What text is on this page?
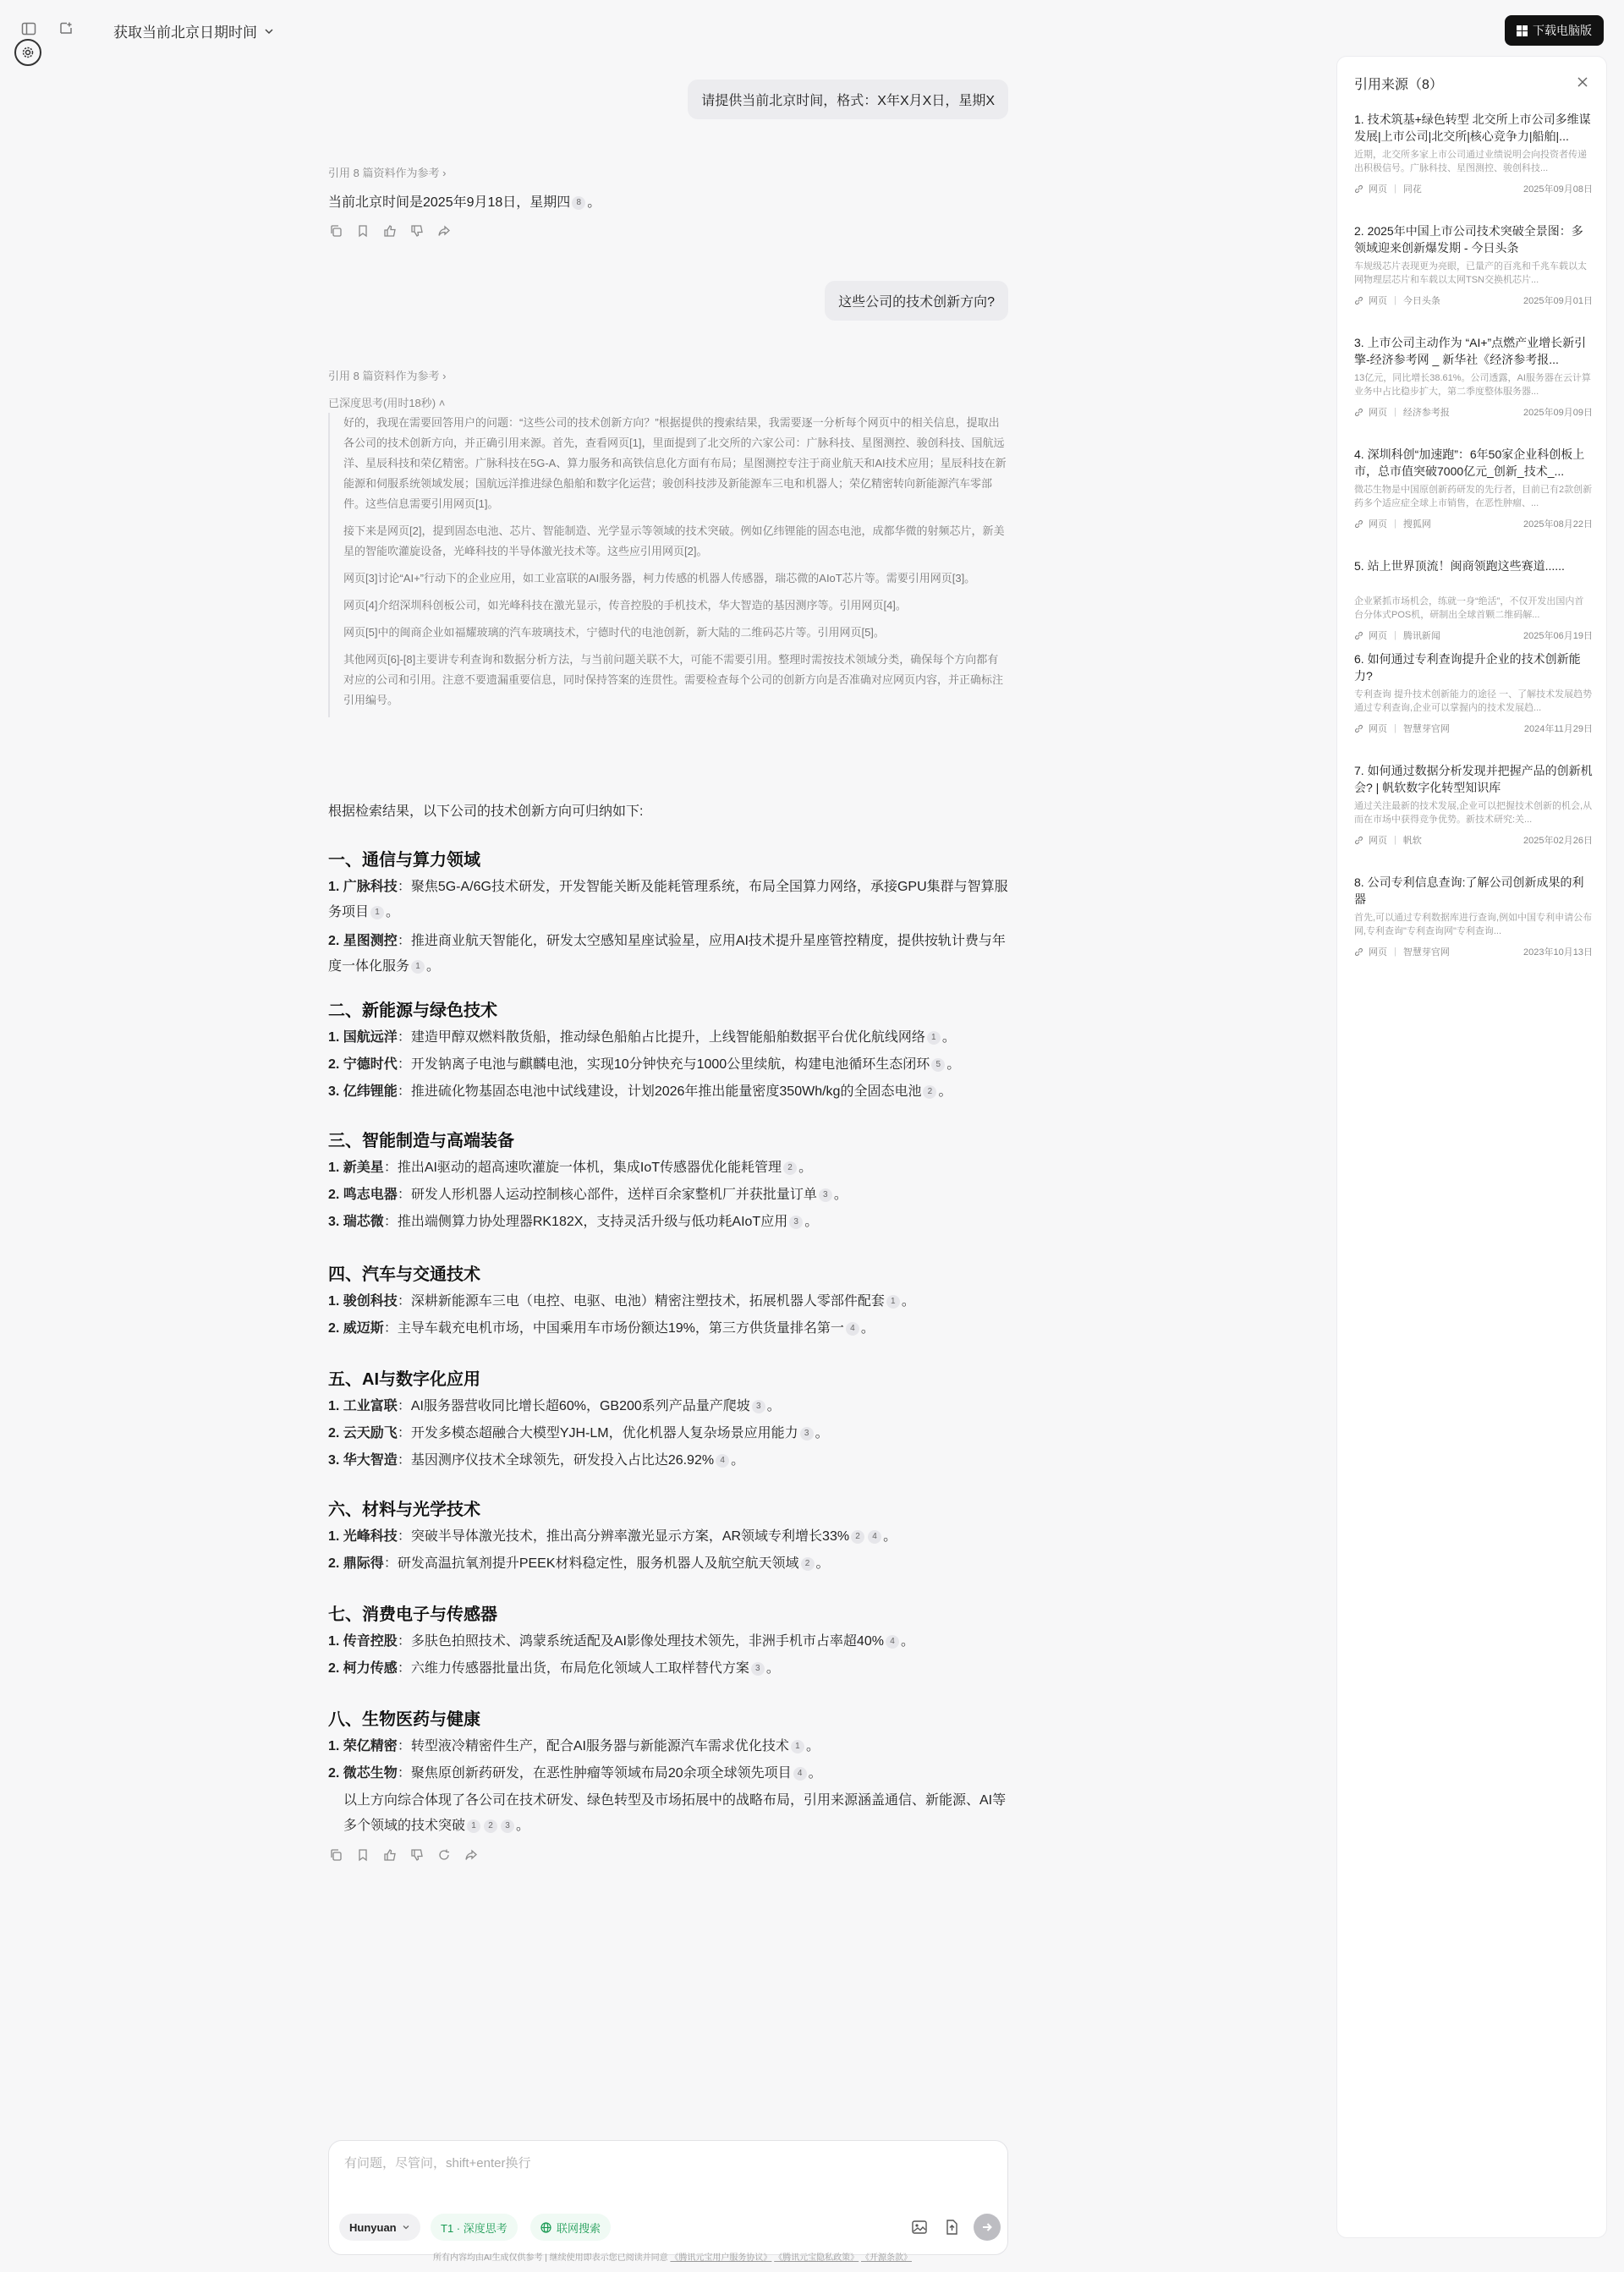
获取当前北京日期时间	下载电脑版
请提供当前北京时间，格式：X年X月X日，星期X
引用 8 篇资料作为参考 ›
当前北京时间是2025年9月18日，星期四 8 。
这些公司的技术创新方向?
引用 8 篇资料作为参考 ›
已深度思考(用时18秒) ˄

好的，我现在需要回答用户的问题：“这些公司的技术创新方向？”根据提供的搜索结果，我需要逐一分析每个网页中的相关信息，提取出各公司的技术创新方向，并正确引用来源。首先，查看网页[1]，里面提到了北交所的六家公司：广脉科技、星图测控、骏创科技、国航远洋、星辰科技和荣亿精密。广脉科技在5G-A、算力服务和高铁信息化方面有布局；星图测控专注于商业航天和AI技术应用；星辰科技在新能源和伺服系统领域发展；国航远洋推进绿色船舶和数字化运营；骏创科技涉及新能源车三电和机器人；荣亿精密转向新能源汽车零部件。这些信息需要引用网页[1]。

接下来是网页[2]，提到固态电池、芯片、智能制造、光学显示等领域的技术突破。例如亿纬锂能的固态电池，成都华微的射频芯片，新美星的智能吹灌旋设备，光峰科技的半导体激光技术等。这些应引用网页[2]。

网页[3]讨论“AI+”行动下的企业应用，如工业富联的AI服务器，柯力传感的机器人传感器，瑞芯微的AIoT芯片等。需要引用网页[3]。

网页[4]介绍深圳科创板公司，如光峰科技在激光显示，传音控股的手机技术，华大智造的基因测序等。引用网页[4]。

网页[5]中的闽商企业如福耀玻璃的汽车玻璃技术，宁德时代的电池创新，新大陆的二维码芯片等。引用网页[5]。

其他网页[6]-[8]主要讲专利查询和数据分析方法，与当前问题关联不大，可能不需要引用。整理时需按技术领域分类，确保每个方向都有对应的公司和引用。注意不要遗漏重要信息，同时保持答案的连贯性。需要检查每个公司的创新方向是否准确对应网页内容，并正确标注引用编号。

根据检索结果，以下公司的技术创新方向可归纳如下:
一、通信与算力领域
1. 广脉科技：聚焦5G-A/6G技术研发，开发智能关断及能耗管理系统，布局全国算力网络，承接GPU集群与智算服务项目 1 。
2. 星图测控：推进商业航天智能化，研发太空感知星座试验星，应用AI技术提升星座管控精度，提供按轨计费与年度一体化服务 1 。
二、新能源与绿色技术
1. 国航远洋：建造甲醇双燃料散货船，推动绿色船舶占比提升，上线智能船舶数据平台优化航线网络 1 。
2. 宁德时代：开发钠离子电池与麒麟电池，实现10分钟快充与1000公里续航，构建电池循环生态闭环 5 。
3. 亿纬锂能：推进硫化物基固态电池中试线建设，计划2026年推出能量密度350Wh/kg的全固态电池 2 。
三、智能制造与高端装备
1. 新美星：推出AI驱动的超高速吹灌旋一体机，集成IoT传感器优化能耗管理 2 。
2. 鸣志电器：研发人形机器人运动控制核心部件，送样百余家整机厂并获批量订单 3 。
3. 瑞芯微：推出端侧算力协处理器RK182X，支持灵活升级与低功耗AIoT应用 3 。
四、汽车与交通技术
1. 骏创科技：深耕新能源车三电（电控、电驱、电池）精密注塑技术，拓展机器人零部件配套 1 。
2. 威迈斯：主导车载充电机市场，中国乘用车市场份额达19%，第三方供货量排名第一 4 。
五、AI与数字化应用
1. 工业富联：AI服务器营收同比增长超60%，GB200系列产品量产爬坡 3 。
2. 云天励飞：开发多模态超融合大模型YJH-LM，优化机器人复杂场景应用能力 3 。
3. 华大智造：基因测序仪技术全球领先，研发投入占比达26.92% 4 。
六、材料与光学技术
1. 光峰科技：突破半导体激光技术，推出高分辨率激光显示方案，AR领域专利增长33% 2 4 。
2. 鼎际得：研发高温抗氧剂提升PEEK材料稳定性，服务机器人及航空航天领域 2 。
七、消费电子与传感器
1. 传音控股：多肤色拍照技术、鸿蒙系统适配及AI影像处理技术领先，非洲手机市占率超40% 4 。
2. 柯力传感：六维力传感器批量出货，布局危化领域人工取样替代方案 3 。
八、生物医药与健康
1. 荣亿精密：转型液冷精密件生产，配合AI服务器与新能源汽车需求优化技术 1 。
2. 微芯生物：聚焦原创新药研发，在恶性肿瘤等领域布局20余项全球领先项目 4 。
以上方向综合体现了各公司在技术研发、绿色转型及市场拓展中的战略布局，引用来源涵盖通信、新能源、AI等多个领域的技术突破 1 2 3 。
有问题，尽管问，shift+enter换行
Hunyuan	T1 · 深度思考	联网搜索
所有内容均由AI生成仅供参考 | 继续使用即表示您已阅读并同意 《腾讯元宝用户服务协议》 《腾讯元宝隐私政策》 《开源条款》
引用来源（8）
1. 技术筑基+绿色转型 北交所上市公司多维谋发展|上市公司|北交所|核心竞争力|船舶|...
近期，北交所多家上市公司通过业绩说明会向投资者传递出积极信号。广脉科技、星图测控、骏创科技...
网页 | 同花	2025年09月08日
2. 2025年中国上市公司技术突破全景图：多领域迎来创新爆发期 - 今日头条
车规级芯片表现更为亮眼，已量产的百兆和千兆车载以太网物理层芯片和车载以太网TSN交换机芯片...
网页 | 今日头条	2025年09月01日
3. 上市公司主动作为 “AI+”点燃产业增长新引擎-经济参考网 _ 新华社《经济参考报...
13亿元，同比增长38.61%。公司透露，AI服务器在云计算业务中占比稳步扩大，第二季度整体服务器...
网页 | 经济参考报	2025年09月09日
4. 深圳科创“加速跑”：6年50家企业科创板上市，总市值突破7000亿元_创新_技术_...
微芯生物是中国原创新药研发的先行者，目前已有2款创新药多个适应症全球上市销售，在恶性肿瘤、...
网页 | 搜狐网	2025年08月22日
5. 站上世界顶流！闽商领跑这些赛道......
企业紧抓市场机会，练就一身“绝活”，不仅开发出国内首台分体式POS机，研制出全球首颗二维码解...
网页 | 腾讯新闻	2025年06月19日
6. 如何通过专利查询提升企业的技术创新能力?
专利查询 提升技术创新能力的途径 一、了解技术发展趋势 通过专利查询,企业可以掌握内的技术发展趋...
网页 | 智慧芽官网	2024年11月29日
7. 如何通过数据分析发现并把握产品的创新机会? | 帆软数字化转型知识库
通过关注最新的技术发展,企业可以把握技术创新的机会,从而在市场中获得竞争优势。新技术研究:关...
网页 | 帆软	2025年02月26日
8. 公司专利信息查询:了解公司创新成果的利器
首先,可以通过专利数据库进行查询,例如中国专利申请公布网,专利查询"专利查询网"专利查询...
网页 | 智慧芽官网	2023年10月13日
